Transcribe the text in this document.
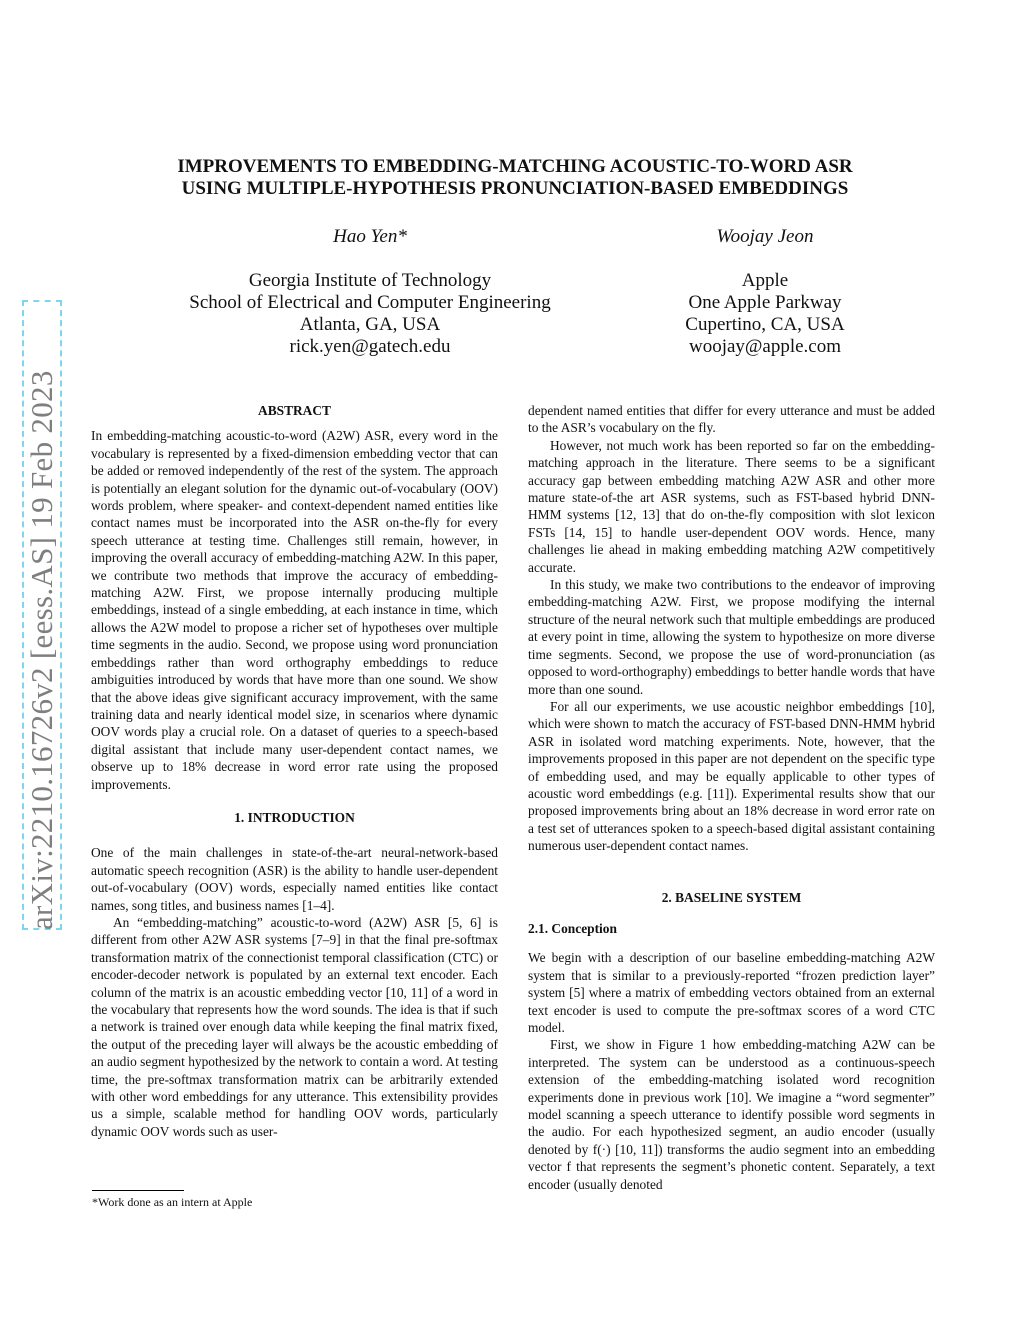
arXiv:2210.16726v2 [eess.AS] 19 Feb 2023
IMPROVEMENTS TO EMBEDDING-MATCHING ACOUSTIC-TO-WORD ASR
USING MULTIPLE-HYPOTHESIS PRONUNCIATION-BASED EMBEDDINGS
Hao Yen*
Georgia Institute of Technology
School of Electrical and Computer Engineering
Atlanta, GA, USA
rick.yen@gatech.edu
Woojay Jeon
Apple
One Apple Parkway
Cupertino, CA, USA
woojay@apple.com
ABSTRACT

In embedding-matching acoustic-to-word (A2W) ASR, every word in the vocabulary is represented by a fixed-dimension embedding vector that can be added or removed independently of the rest of the system. The approach is potentially an elegant solution for the dynamic out-of-vocabulary (OOV) words problem, where speaker- and context-dependent named entities like contact names must be incorporated into the ASR on-the-fly for every speech utterance at testing time. Challenges still remain, however, in improving the overall accuracy of embedding-matching A2W. In this paper, we contribute two methods that improve the accuracy of embedding-matching A2W. First, we propose internally producing multiple embeddings, instead of a single embedding, at each instance in time, which allows the A2W model to propose a richer set of hypotheses over multiple time segments in the audio. Second, we propose using word pronunciation embeddings rather than word orthography embeddings to reduce ambiguities introduced by words that have more than one sound. We show that the above ideas give significant accuracy improvement, with the same training data and nearly identical model size, in scenarios where dynamic OOV words play a crucial role. On a dataset of queries to a speech-based digital assistant that include many user-dependent contact names, we observe up to 18% decrease in word error rate using the proposed improvements.

1. INTRODUCTION

One of the main challenges in state-of-the-art neural-network-based automatic speech recognition (ASR) is the ability to handle user-dependent out-of-vocabulary (OOV) words, especially named entities like contact names, song titles, and business names [1–4].

An “embedding-matching” acoustic-to-word (A2W) ASR [5, 6] is different from other A2W ASR systems [7–9] in that the final pre-softmax transformation matrix of the connectionist temporal classification (CTC) or encoder-decoder network is populated by an external text encoder. Each column of the matrix is an acoustic embedding vector [10, 11] of a word in the vocabulary that represents how the word sounds. The idea is that if such a network is trained over enough data while keeping the final matrix fixed, the output of the preceding layer will always be the acoustic embedding of an audio segment hypothesized by the network to contain a word. At testing time, the pre-softmax transformation matrix can be arbitrarily extended with other word embeddings for any utterance. This extensibility provides us a simple, scalable method for handling OOV words, particularly dynamic OOV words such as user-

*Work done as an intern at Apple

dependent named entities that differ for every utterance and must be added to the ASR’s vocabulary on the fly.

However, not much work has been reported so far on the embedding-matching approach in the literature. There seems to be a significant accuracy gap between embedding matching A2W ASR and other more mature state-of-the art ASR systems, such as FST-based hybrid DNN-HMM systems [12, 13] that do on-the-fly composition with slot lexicon FSTs [14, 15] to handle user-dependent OOV words. Hence, many challenges lie ahead in making embedding matching A2W competitively accurate.

In this study, we make two contributions to the endeavor of improving embedding-matching A2W. First, we propose modifying the internal structure of the neural network such that multiple embeddings are produced at every point in time, allowing the system to hypothesize on more diverse time segments. Second, we propose the use of word-pronunciation (as opposed to word-orthography) embeddings to better handle words that have more than one sound.

For all our experiments, we use acoustic neighbor embeddings [10], which were shown to match the accuracy of FST-based DNN-HMM hybrid ASR in isolated word matching experiments. Note, however, that the improvements proposed in this paper are not dependent on the specific type of embedding used, and may be equally applicable to other types of acoustic word embeddings (e.g. [11]). Experimental results show that our proposed improvements bring about an 18% decrease in word error rate on a test set of utterances spoken to a speech-based digital assistant containing numerous user-dependent contact names.

2. BASELINE SYSTEM
2.1. Conception

We begin with a description of our baseline embedding-matching A2W system that is similar to a previously-reported “frozen prediction layer” system [5] where a matrix of embedding vectors obtained from an external text encoder is used to compute the pre-softmax scores of a word CTC model.

First, we show in Figure 1 how embedding-matching A2W can be interpreted. The system can be understood as a continuous-speech extension of the embedding-matching isolated word recognition experiments done in previous work [10]. We imagine a “word segmenter” model scanning a speech utterance to identify possible word segments in the audio. For each hypothesized segment, an audio encoder (usually denoted by f(·) [10, 11]) transforms the audio segment into an embedding vector f that represents the segment’s phonetic content. Separately, a text encoder (usually denoted
